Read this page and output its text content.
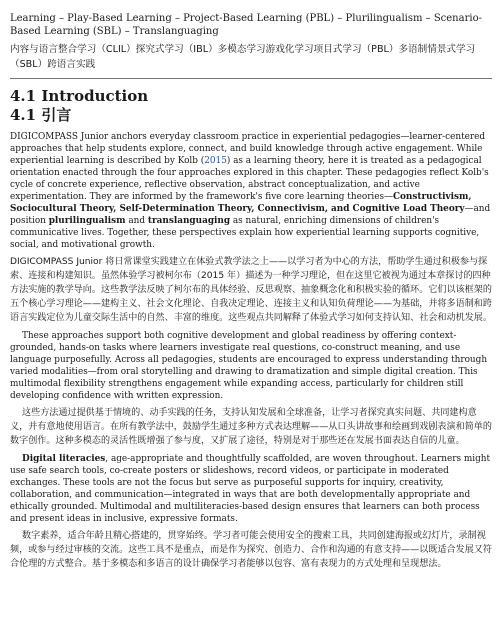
Learning – Play-Based Learning – Project-Based Learning (PBL) – Plurilingualism – Scenario-Based Learning (SBL) – Translanguaging
内容与语言整合学习（CLIL）探究式学习（IBL）多模态学习游戏化学习项目式学习（PBL）多语制情景式学习（SBL）跨语言实践
4.1 Introduction
4.1 引言

DIGICOMPASS Junior anchors everyday classroom practice in experiential pedagogies—learner-centered approaches that help students explore, connect, and build knowledge through active engagement. While experiential learning is described by Kolb (2015) as a learning theory, here it is treated as a pedagogical orientation enacted through the four approaches explored in this chapter. These pedagogies reflect Kolb's cycle of concrete experience, reflective observation, abstract conceptualization, and active experimentation. They are informed by the framework's five core learning theories—Constructivism, Sociocultural Theory, Self-Determination Theory, Connectivism, and Cognitive Load Theory—and position plurilingualism and translanguaging as natural, enriching dimensions of children's communicative lives. Together, these perspectives explain how experiential learning supports cognitive, social, and motivational growth.

DIGICOMPASS Junior 将日常课堂实践建立在体验式教学法之上——以学习者为中心的方法，帮助学生通过积极参与探索、连接和构建知识。虽然体验学习被柯尔布（2015 年）描述为一种学习理论，但在这里它被视为通过本章探讨的四种方法实施的教学导向。这些教学法反映了柯尔布的具体经验、反思观察、抽象概念化和积极实验的循环。它们以该框架的五个核心学习理论——建构主义、社会文化理论、自我决定理论、连接主义和认知负荷理论——为基础，并将多语制和跨语言实践定位为儿童交际生活中的自然、丰富的维度。这些观点共同解释了体验式学习如何支持认知、社会和动机发展。

These approaches support both cognitive development and global readiness by offering context-grounded, hands-on tasks where learners investigate real questions, co-construct meaning, and use language purposefully. Across all pedagogies, students are encouraged to express understanding through varied modalities—from oral storytelling and drawing to dramatization and simple digital creation. This multimodal flexibility strengthens engagement while expanding access, particularly for children still developing confidence with written expression.

这些方法通过提供基于情境的、动手实践的任务，支持认知发展和全球准备，让学习者探究真实问题、共同建构意义，并有意地使用语言。在所有教学法中，鼓励学生通过多种方式表达理解——从口头讲故事和绘画到戏剧表演和简单的数字创作。这种多模态的灵活性既增强了参与度，又扩展了途径，特别是对于那些还在发展书面表达自信的儿童。

Digital literacies, age-appropriate and thoughtfully scaffolded, are woven throughout. Learners might use safe search tools, co-create posters or slideshows, record videos, or participate in moderated exchanges. These tools are not the focus but serve as purposeful supports for inquiry, creativity, collaboration, and communication—integrated in ways that are both developmentally appropriate and ethically grounded. Multimodal and multiliteracies-based design ensures that learners can both process and present ideas in inclusive, expressive formats.

数字素养，适合年龄且精心搭建的，贯穿始终。学习者可能会使用安全的搜索工具，共同创建海报或幻灯片，录制视频，或参与经过审核的交流。这些工具不是重点，而是作为探究、创造力、合作和沟通的有意支持——以既适合发展又符合伦理的方式整合。基于多模态和多语言的设计确保学习者能够以包容、富有表现力的方式处理和呈现想法。
